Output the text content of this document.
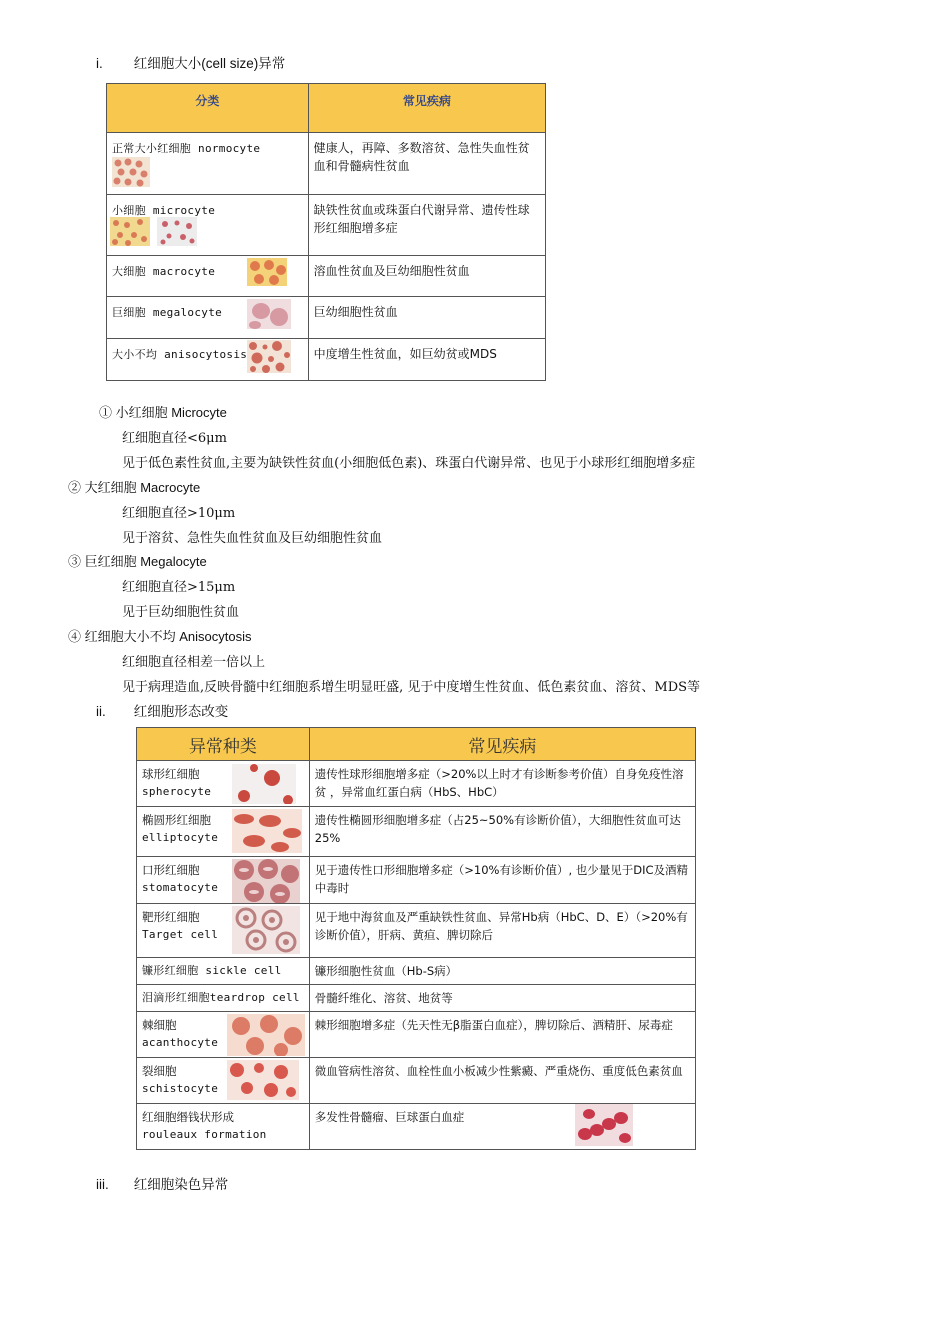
i. 红细胞大小(cell size)异常
分类	常见疾病
正常大小红细胞 normocyte	健康人，再障、多数溶贫、急性失血性贫血和骨髓病性贫血
小细胞 microcyte	缺铁性贫血或珠蛋白代谢异常、遗传性球形红细胞增多症
大细胞 macrocyte	溶血性贫血及巨幼细胞性贫血
巨细胞 megalocyte	巨幼细胞性贫血
大小不均 anisocytosis	中度增生性贫血，如巨幼贫或MDS
① 小红细胞 Microcyte
红细胞直径<6μm
见于低色素性贫血,主要为缺铁性贫血(小细胞低色素)、珠蛋白代谢异常、也见于小球形红细胞增多症
② 大红细胞 Macrocyte
红细胞直径>10μm
见于溶贫、急性失血性贫血及巨幼细胞性贫血
③ 巨红细胞 Megalocyte
红细胞直径>15μm
见于巨幼细胞性贫血
④ 红细胞大小不均 Anisocytosis
红细胞直径相差一倍以上
见于病理造血,反映骨髓中红细胞系增生明显旺盛, 见于中度增生性贫血、低色素贫血、溶贫、MDS等
ii. 红细胞形态改变
异常种类	常见疾病

球形红细胞
spherocyte	遗传性球形细胞增多症（>20%以上时才有诊断参考价值）自身免疫性溶贫 ，异常血红蛋白病（HbS、HbC）

椭圆形红细胞
elliptocyte	遗传性椭圆形细胞增多症（占25~50%有诊断价值），大细胞性贫血可达25%

口形红细胞
stomatocyte	见于遗传性口形细胞增多症（>10%有诊断价值）, 也少量见于DIC及酒精中毒时

靶形红细胞
Target cell	见于地中海贫血及严重缺铁性贫血、异常Hb病（HbC、D、E）（>20%有诊断价值），肝病、黄疸、脾切除后

镰形红细胞 sickle cell	镰形细胞性贫血（Hb-S病）

泪滴形红细胞teardrop cell	骨髓纤维化、溶贫、地贫等

棘细胞
acanthocyte	棘形细胞增多症（先天性无β脂蛋白血症），脾切除后、酒精肝、尿毒症

裂细胞
schistocyte	微血管病性溶贫、血栓性血小板减少性紫癜、严重烧伤、重度低色素贫血

红细胞缗钱状形成
rouleaux formation	多发性骨髓瘤、巨球蛋白血症
iii. 红细胞染色异常
